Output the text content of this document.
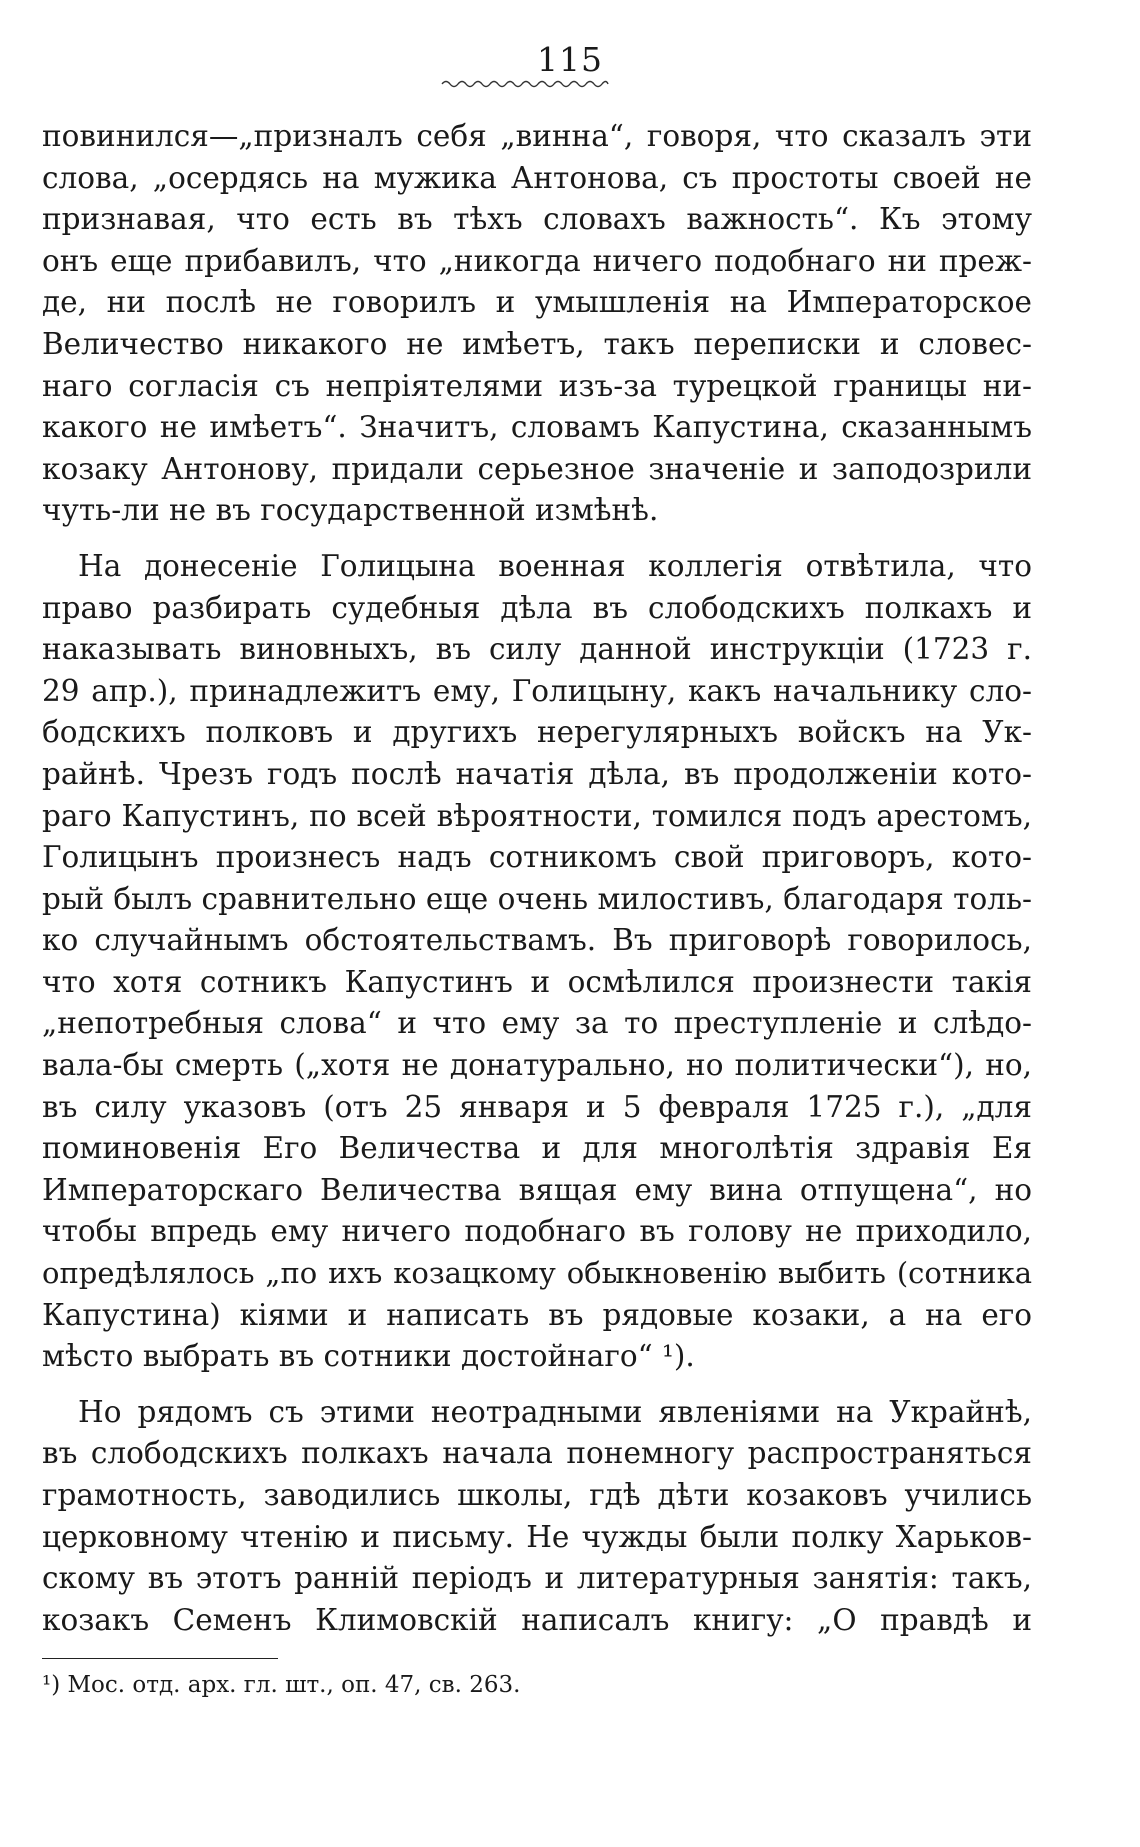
115
повинился—„призналъ себя „винна“, говоря, что сказалъ эти
слова, „осердясь на мужика Антонова, съ простоты своей не
признавая, что есть въ тѣхъ словахъ важность“. Къ этому
онъ еще прибавилъ, что „никогда ничего подобнаго ни преж-
де, ни послѣ не говорилъ и умышленія на Императорское
Величество никакого не имѣетъ, такъ переписки и словес-
наго согласія съ непріятелями изъ-за турецкой границы ни-
какого не имѣетъ“. Значитъ, словамъ Капустина, сказаннымъ
козаку Антонову, придали серьезное значеніе и заподозрили
чуть-ли не въ государственной измѣнѣ.
На донесеніе Голицына военная коллегія отвѣтила, что
право разбирать судебныя дѣла въ слободскихъ полкахъ и
наказывать виновныхъ, въ силу данной инструкціи (1723 г.
29 апр.), принадлежитъ ему, Голицыну, какъ начальнику сло-
бодскихъ полковъ и другихъ нерегулярныхъ войскъ на Ук-
райнѣ. Чрезъ годъ послѣ начатія дѣла, въ продолженіи кото-
раго Капустинъ, по всей вѣроятности, томился подъ арестомъ,
Голицынъ произнесъ надъ сотникомъ свой приговоръ, кото-
рый былъ сравнительно еще очень милостивъ, благодаря толь-
ко случайнымъ обстоятельствамъ. Въ приговорѣ говорилось,
что хотя сотникъ Капустинъ и осмѣлился произнести такія
„непотребныя слова“ и что ему за то преступленіе и слѣдо-
вала-бы смерть („хотя не донатурально, но политически“), но,
въ силу указовъ (отъ 25 января и 5 февраля 1725 г.), „для
поминовенія Его Величества и для многолѣтія здравія Ея
Императорскаго Величества вящая ему вина отпущена“, но
чтобы впредь ему ничего подобнаго въ голову не приходило,
опредѣлялось „по ихъ козацкому обыкновенію выбить (сотника
Капустина) кіями и написать въ рядовые козаки, а на его
мѣсто выбрать въ сотники достойнаго“ ¹).
Но рядомъ съ этими неотрадными явленіями на Украйнѣ,
въ слободскихъ полкахъ начала понемногу распространяться
грамотность, заводились школы, гдѣ дѣти козаковъ учились
церковному чтенію и письму. Не чужды были полку Харьков-
скому въ этотъ ранній періодъ и литературныя занятія: такъ,
козакъ Семенъ Климовскій написалъ книгу: „О правдѣ и
¹) Мос. отд. арх. гл. шт., оп. 47, св. 263.
